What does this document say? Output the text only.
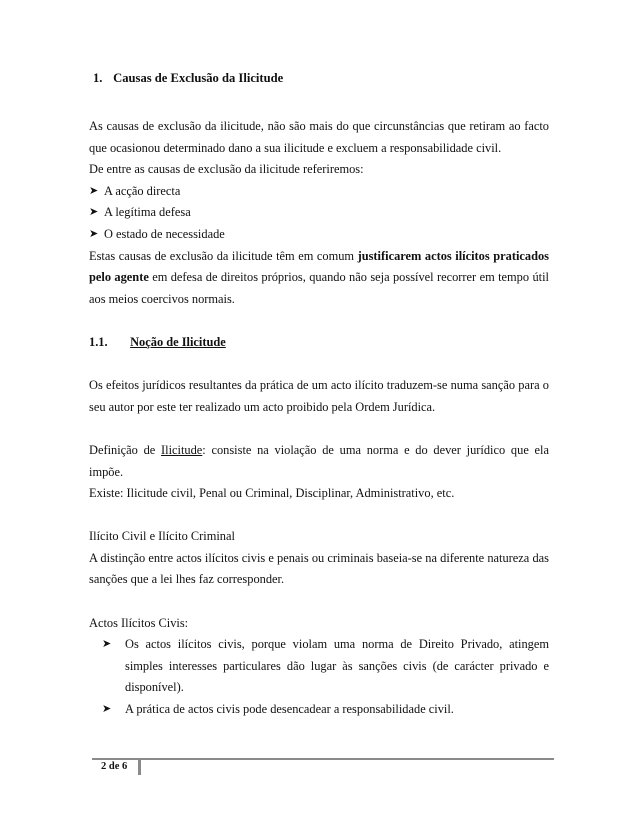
1. Causas de Exclusão da Ilicitude

As causas de exclusão da ilicitude, não são mais do que circunstâncias que retiram ao facto que ocasionou determinado dano a sua ilicitude e excluem a responsabilidade civil.

De entre as causas de exclusão da ilicitude referiremos:

➤ A acção directa
➤ A legítima defesa
➤ O estado de necessidade

Estas causas de exclusão da ilicitude têm em comum justificarem actos ilícitos praticados pelo agente em defesa de direitos próprios, quando não seja possível recorrer em tempo útil aos meios coercivos normais.

1.1. Noção de Ilicitude

Os efeitos jurídicos resultantes da prática de um acto ilícito traduzem-se numa sanção para o seu autor por este ter realizado um acto proibido pela Ordem Jurídica.

Definição de Ilicitude: consiste na violação de uma norma e do dever jurídico que ela impõe.

Existe: Ilicitude civil, Penal ou Criminal, Disciplinar, Administrativo, etc.

Ilícito Civil e Ilícito Criminal

A distinção entre actos ilícitos civis e penais ou criminais baseia-se na diferente natureza das sanções que a lei lhes faz corresponder.

Actos Ilícitos Civis:

➤ Os actos ilícitos civis, porque violam uma norma de Direito Privado, atingem simples interesses particulares dão lugar às sanções civis (de carácter privado e disponível).
➤ A prática de actos civis pode desencadear a responsabilidade civil.
2 de 6
